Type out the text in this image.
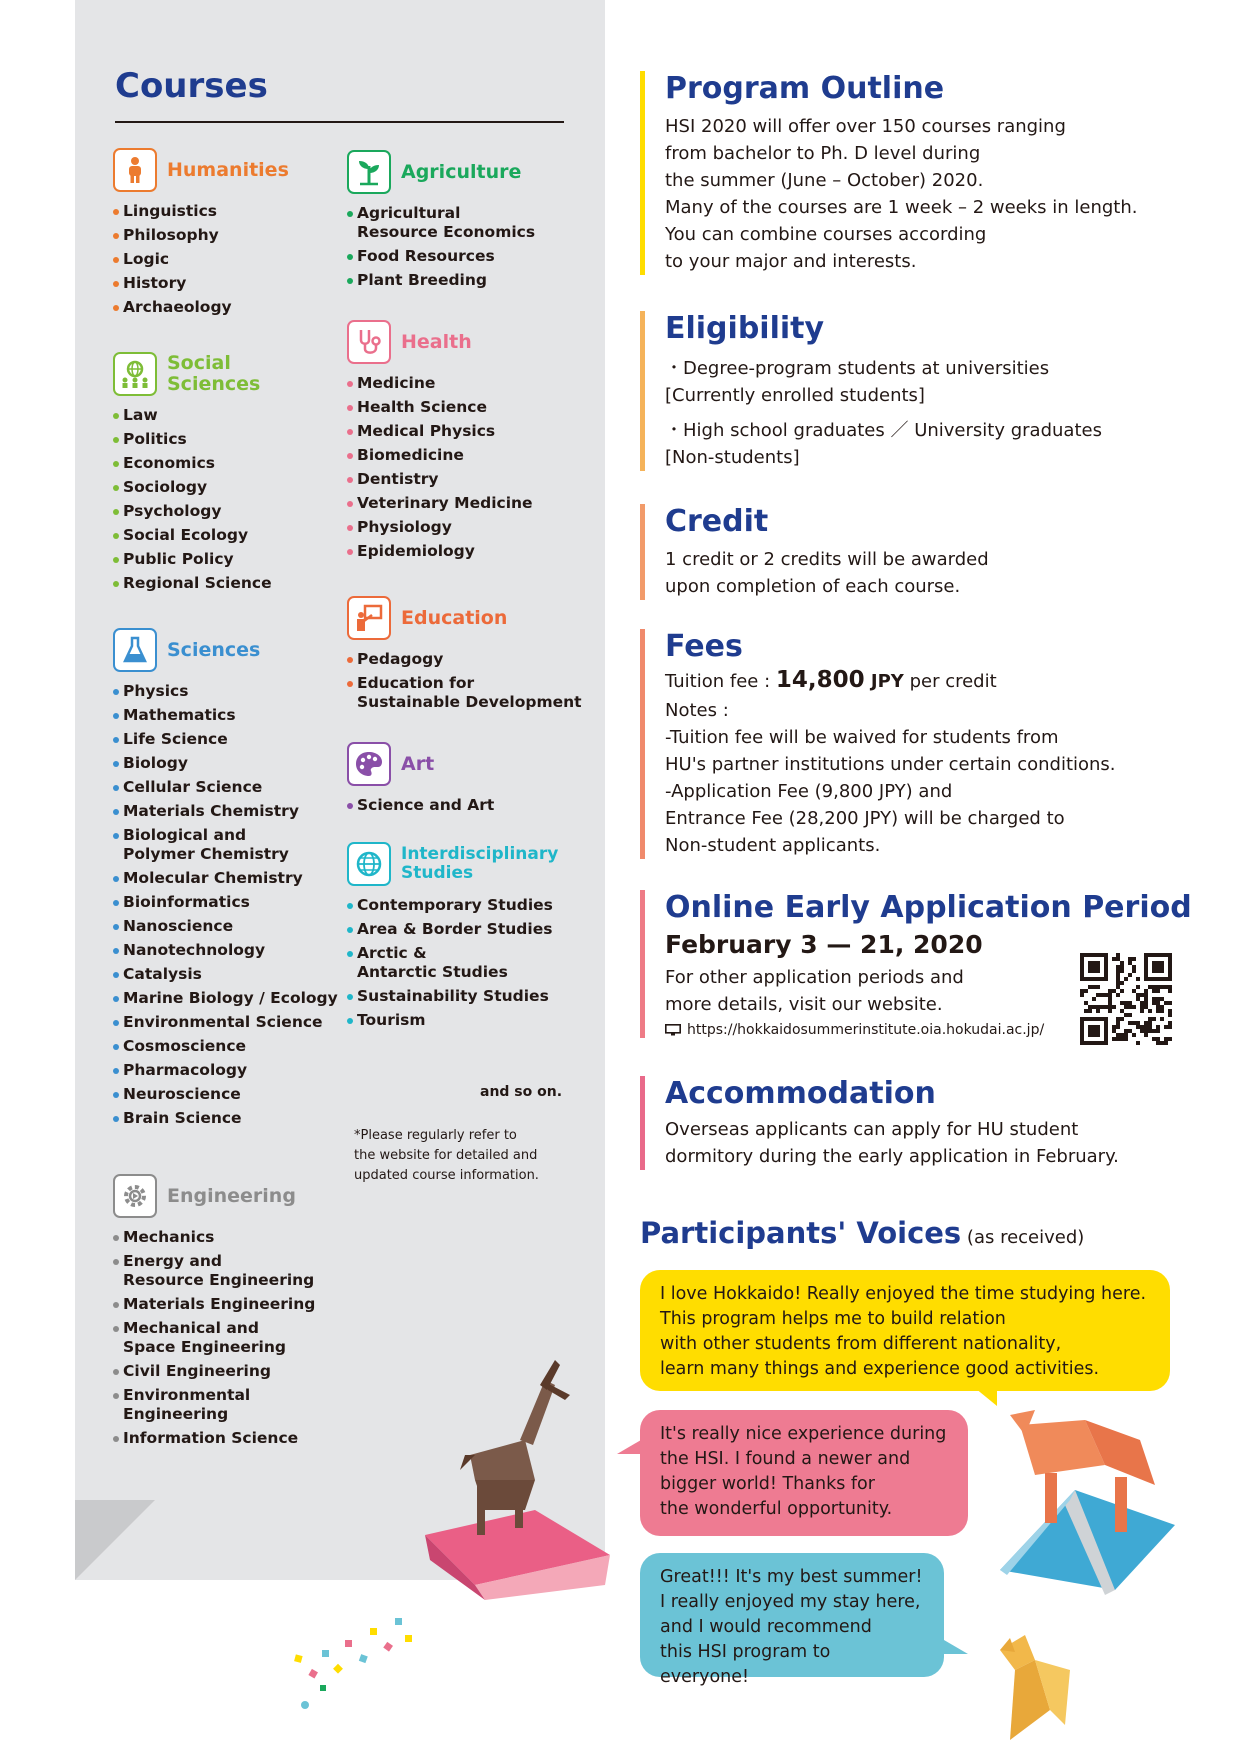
Courses
Humanities
Linguistics
Philosophy
Logic
History
Archaeology
Social
Sciences
Law
Politics
Economics
Sociology
Psychology
Social Ecology
Public Policy
Regional Science
Sciences
Physics
Mathematics
Life Science
Biology
Cellular Science
Materials Chemistry
Biological and
Polymer Chemistry
Molecular Chemistry
Bioinformatics
Nanoscience
Nanotechnology
Catalysis
Marine Biology / Ecology
Environmental Science
Cosmoscience
Pharmacology
Neuroscience
Brain Science
Engineering
Mechanics
Energy and
Resource Engineering
Materials Engineering
Mechanical and
Space Engineering
Civil Engineering
Environmental
Engineering
Information Science
Agriculture
Agricultural
Resource Economics
Food Resources
Plant Breeding
Health
Medicine
Health Science
Medical Physics
Biomedicine
Dentistry
Veterinary Medicine
Physiology
Epidemiology
Education
Pedagogy
Education for
Sustainable Development
Art
Science and Art
Interdisciplinary
Studies
Contemporary Studies
Area & Border Studies
Arctic &
Antarctic Studies
Sustainability Studies
Tourism
and so on.
*Please regularly refer to
the website for detailed and
updated course information.
Program Outline
HSI 2020 will offer over 150 courses ranging
from bachelor to Ph. D level during
the summer (June – October) 2020.
Many of the courses are 1 week – 2 weeks in length.
You can combine courses according
to your major and interests.
Eligibility
・Degree-program students at universities
[Currently enrolled students]
・High school graduates ／ University graduates
[Non-students]
Credit
1 credit or 2 credits will be awarded
upon completion of each course.
Fees
Tuition fee : 14,800 JPY per credit
Notes :
-Tuition fee will be waived for students from
HU's partner institutions under certain conditions.
-Application Fee (9,800 JPY) and
Entrance Fee (28,200 JPY) will be charged to
Non-student applicants.
Online Early Application Period
February 3 — 21, 2020
For other application periods and
more details, visit our website.
https://hokkaidosummerinstitute.oia.hokudai.ac.jp/
Accommodation
Overseas applicants can apply for HU student
dormitory during the early application in February.
Participants' Voices (as received)
I love Hokkaido! Really enjoyed the time studying here.
This program helps me to build relation
with other students from different nationality,
learn many things and experience good activities.
It's really nice experience during
the HSI. I found a newer and
bigger world! Thanks for
the wonderful opportunity.
Great!!! It's my best summer!
I really enjoyed my stay here,
and I would recommend
this HSI program to everyone!
